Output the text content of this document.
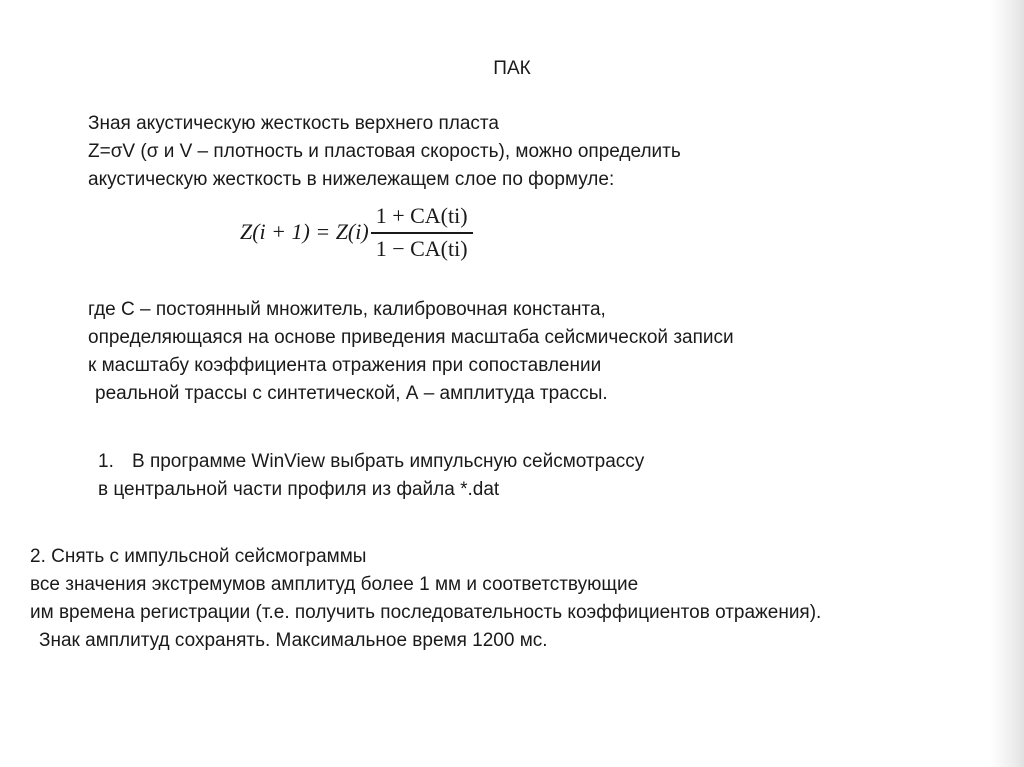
ПАК
Зная акустическую жесткость верхнего пласта
Z=σV (σ и V – плотность и пластовая скорость), можно определить
акустическую жесткость в нижележащем слое по формуле:
$Z(i + 1) = Z(i) \frac{1 + CA(ti)}{1 - CA(ti)}$
где С – постоянный множитель, калибровочная константа,
определяющаяся на основе приведения масштаба сейсмической записи
к масштабу коэффициента отражения при сопоставлении
реальной трассы с синтетической, А – амплитуда трассы.
1. В программе WinView выбрать импульсную сейсмотрассу
в центральной части профиля из файла *.dat
2. Снять с импульсной сейсмограммы
все значения экстремумов амплитуд более 1 мм и соответствующие
им времена регистрации (т.е. получить последовательность коэффициентов отражения).
Знак амплитуд сохранять. Максимальное время 1200 мс.
